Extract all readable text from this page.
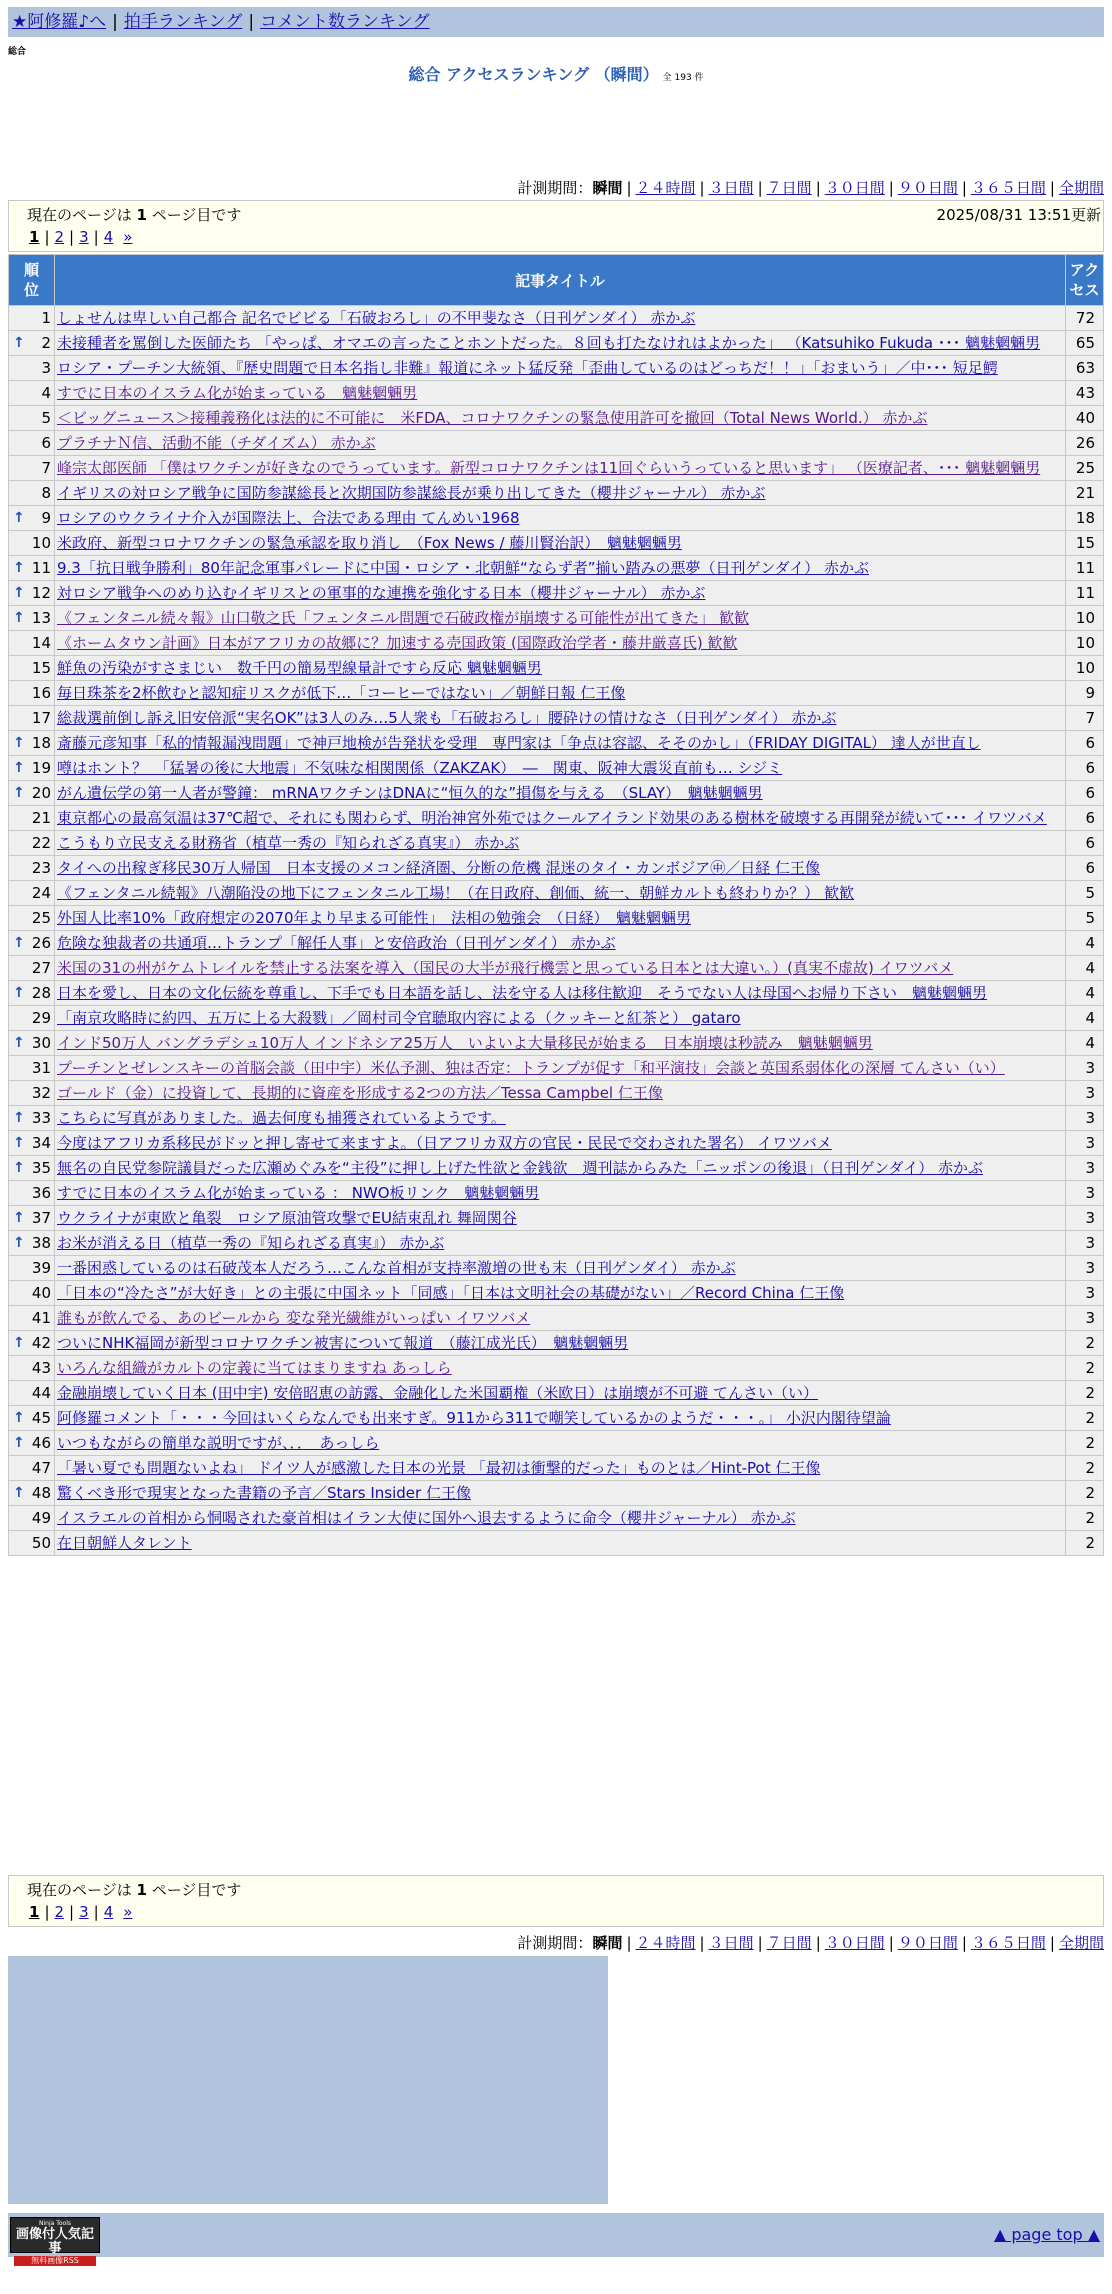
★阿修羅♪へ | 拍手ランキング | コメント数ランキング
総合
総合 アクセスランキング （瞬間） 全 193 件
計測期間：瞬間 | ２４時間 | ３日間 | ７日間 | ３０日間 | ９０日間 | ３６５日間 | 全期間
現在のページは 1 ページ目です	2025/08/31 13:51更新
1 | 2 | 3 | 4 »
順
位	記事タイトル	アク
セス
1	しょせんは卑しい自己都合 記名でビビる「石破おろし」の不甲斐なさ（日刊ゲンダイ） 赤かぶ	72

↑ 2	未接種者を罵倒した医師たち 「やっぱ、オマエの言ったことホントだった。８回も打たなけれはよかった」 （Katsuhiko Fukuda ･･･ 魑魅魍魎男	65
3	ロシア・プーチン大統領、『歴史問題で日本名指し非難』報道にネット猛反発「歪曲しているのはどっちだ！！」「おまいう」／中･･･ 短足鰐	63
4	すでに日本のイスラム化が始まっている　魑魅魍魎男	43
5	＜ビッグニュース＞接種義務化は法的に不可能に　米FDA、コロナワクチンの緊急使用許可を撤回（Total News World.） 赤かぶ	40
6	プラチナＮ信、活動不能（チダイズム） 赤かぶ	26
7	峰宗太郎医師 「僕はワクチンが好きなのでうっています。新型コロナワクチンは11回ぐらいうっていると思います」 （医療記者、･･･ 魑魅魍魎男	25
8	イギリスの対ロシア戦争に国防参謀総長と次期国防参謀総長が乗り出してきた（櫻井ジャーナル） 赤かぶ	21

↑ 9	ロシアのウクライナ介入が国際法上、合法である理由 てんめい1968	18
10	米政府、新型コロナワクチンの緊急承認を取り消し　（Fox News / 藤川賢治訳）　魑魅魍魎男	15

↑ 11	9.3「抗日戦争勝利」80年記念軍事パレードに中国・ロシア・北朝鮮“ならず者”揃い踏みの悪夢（日刊ゲンダイ） 赤かぶ	11

↑ 12	対ロシア戦争へのめり込むイギリスとの軍事的な連携を強化する日本（櫻井ジャーナル） 赤かぶ	11

↑ 13	《フェンタニル続々報》山口敬之氏「フェンタニル問題で石破政権が崩壊する可能性が出てきた」 歓歓	10
14	《ホームタウン計画》日本がアフリカの故郷に？加速する売国政策 (国際政治学者・藤井厳喜氏) 歓歓	10
15	鮮魚の汚染がすさまじい　数千円の簡易型線量計ですら反応 魑魅魍魎男	10
16	毎日珠茶を2杯飲むと認知症リスクが低下…「コーヒーではない」／朝鮮日報 仁王像	9
17	総裁選前倒し訴え旧安倍派“実名OK”は3人のみ…5人衆も「石破おろし」腰砕けの情けなさ（日刊ゲンダイ） 赤かぶ	7

↑ 18	斎藤元彦知事「私的情報漏洩問題」で神戸地検が告発状を受理　専門家は「争点は容認、そそのかし」（FRIDAY DIGITAL） 達人が世直し	6

↑ 19	噂はホント？　「猛暑の後に大地震」不気味な相関関係（ZAKZAK）　―　関東、阪神大震災直前も… シジミ	6

↑ 20	がん遺伝学の第一人者が警鐘： mRNAワクチンはDNAに“恒久的な”損傷を与える　（SLAY）　魑魅魍魎男	6
21	東京都心の最高気温は37℃超で、それにも関わらず、明治神宮外苑ではクールアイランド効果のある樹林を破壊する再開発が続いて･･･ イワツバメ	6
22	こうもり立民支える財務省（植草一秀の『知られざる真実』） 赤かぶ	6
23	タイへの出稼ぎ移民30万人帰国　日本支援のメコン経済圏、分断の危機 混迷のタイ・カンボジア㊥／日経 仁王像	6
24	《フェンタニル続報》八潮陥没の地下にフェンタニル工場！（在日政府、創価、統一、朝鮮カルトも終わりか？） 歓歓	5
25	外国人比率10%「政府想定の2070年より早まる可能性」　法相の勉強会　（日経）　魑魅魍魎男	5

↑ 26	危険な独裁者の共通項…トランプ「解任人事」と安倍政治（日刊ゲンダイ） 赤かぶ	4
27	米国の31の州がケムトレイルを禁止する法案を導入（国民の大半が飛行機雲と思っている日本とは大違い。）(真実不虚故) イワツバメ	4

↑ 28	日本を愛し、日本の文化伝統を尊重し、下手でも日本語を話し、法を守る人は移住歓迎　そうでない人は母国へお帰り下さい　魑魅魍魎男	4
29	「南京攻略時に約四、五万に上る大殺戮」／岡村司令官聴取内容による（クッキーと紅茶と） gataro	4

↑ 30	インド50万人 バングラデシュ10万人 インドネシア25万人　いよいよ大量移民が始まる　日本崩壊は秒読み　魑魅魍魎男	4
31	プーチンとゼレンスキーの首脳会談（田中宇）米仏予測、独は否定：トランプが促す「和平演技」会談と英国系弱体化の深層 てんさい（い）	3
32	ゴールド（金）に投資して、長期的に資産を形成する2つの方法／Tessa Campbel 仁王像	3

↑ 33	こちらに写真がありました。過去何度も捕獲されているようです。	3

↑ 34	今度はアフリカ系移民がドッと押し寄せて来ますよ。（日アフリカ双方の官民・民民で交わされた署名） イワツバメ	3

↑ 35	無名の自民党参院議員だった広瀬めぐみを“主役”に押し上げた性欲と金銭欲　週刊誌からみた「ニッポンの後退」（日刊ゲンダイ） 赤かぶ	3
36	すでに日本のイスラム化が始まっている ： NWO板リンク　魑魅魍魎男	3

↑ 37	ウクライナが東欧と亀裂　ロシア原油管攻撃でEU結束乱れ 舞岡関谷	3

↑ 38	お米が消える日（植草一秀の『知られざる真実』） 赤かぶ	3
39	一番困惑しているのは石破茂本人だろう…こんな首相が支持率激増の世も末（日刊ゲンダイ） 赤かぶ	3
40	「日本の“冷たさ”が大好き」との主張に中国ネット「同感」「日本は文明社会の基礎がない」／Record China 仁王像	3
41	誰もが飲んでる、あのビールから 変な発光繊維がいっぱい イワツバメ	3

↑ 42	ついにNHK福岡が新型コロナワクチン被害について報道　（藤江成光氏）　魑魅魍魎男	2
43	いろんな組織がカルトの定義に当てはまりますね あっしら	2
44	金融崩壊していく日本 (田中宇) 安倍昭恵の訪露、金融化した米国覇権（米欧日）は崩壊が不可避 てんさい（い）	2

↑ 45	阿修羅コメント「・・・今回はいくらなんでも出来すぎ。911から311で嘲笑しているかのようだ・・・。」 小沢内閣待望論	2

↑ 46	いつもながらの簡単な説明ですが、．．　あっしら	2
47	「暑い夏でも問題ないよね」 ドイツ人が感激した日本の光景 「最初は衝撃的だった」ものとは／Hint-Pot 仁王像	2

↑ 48	驚くべき形で現実となった書籍の予言／Stars Insider 仁王像	2
49	イスラエルの首相から恫喝された豪首相はイラン大使に国外へ退去するように命令（櫻井ジャーナル） 赤かぶ	2
50	在日朝鮮人タレント	2
現在のページは 1 ページ目です
1 | 2 | 3 | 4 »
計測期間：瞬間 | ２４時間 | ３日間 | ７日間 | ３０日間 | ９０日間 | ３６５日間 | 全期間
Ninja Tools
画像付人気記事
無料画像RSS
▲ page top ▲
